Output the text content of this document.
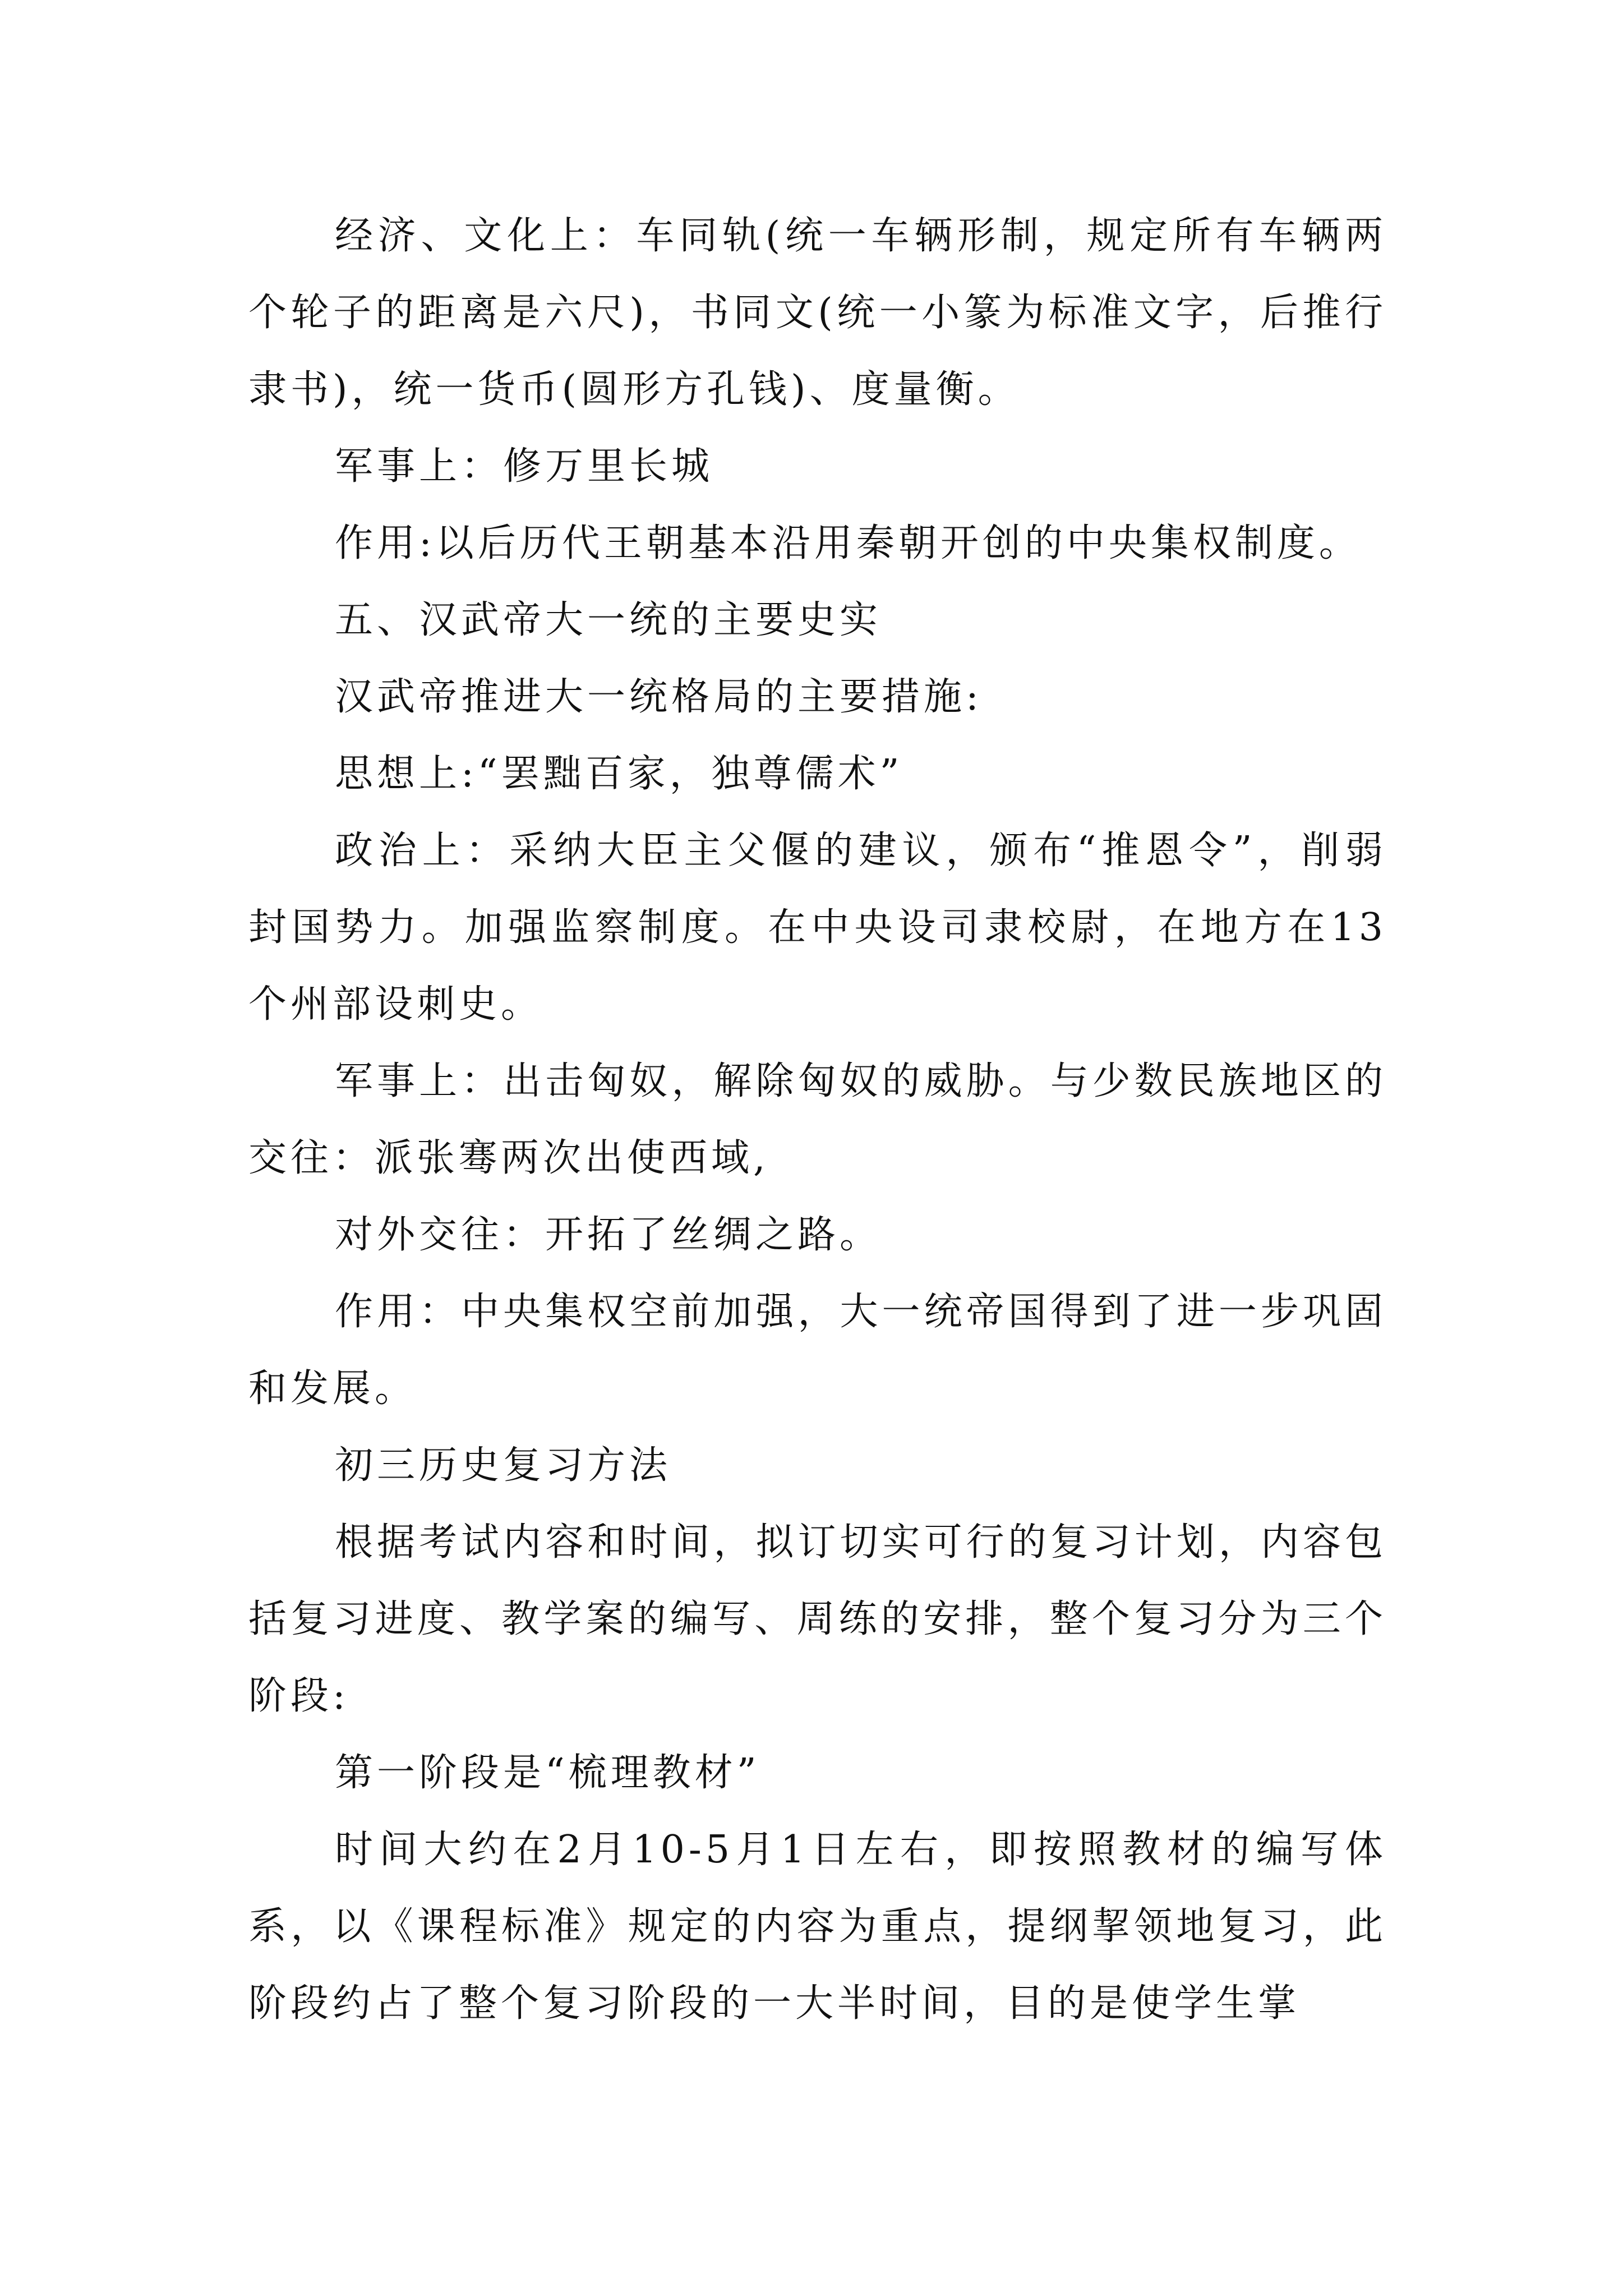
经济、文化上：车同轨(统一车辆形制，规定所有车辆两个轮子的距离是六尺)，书同文(统一小篆为标准文字，后推行隶书)，统一货币(圆形方孔钱)、度量衡。

军事上：修万里长城

作用:以后历代王朝基本沿用秦朝开创的中央集权制度。

五、汉武帝大一统的主要史实

汉武帝推进大一统格局的主要措施:

思想上:“罢黜百家，独尊儒术”

政治上：采纳大臣主父偃的建议，颁布“推恩令”，削弱封国势力。加强监察制度。在中央设司隶校尉，在地方在13个州部设刺史。

军事上：出击匈奴，解除匈奴的威胁。与少数民族地区的交往：派张骞两次出使西域,

对外交往：开拓了丝绸之路。

作用：中央集权空前加强，大一统帝国得到了进一步巩固和发展。

初三历史复习方法

根据考试内容和时间，拟订切实可行的复习计划，内容包括复习进度、教学案的编写、周练的安排，整个复习分为三个阶段:

第一阶段是“梳理教材”

时间大约在2月10-5月1日左右，即按照教材的编写体系，以《课程标准》规定的内容为重点，提纲挈领地复习，此阶段约占了整个复习阶段的一大半时间，目的是使学生掌
